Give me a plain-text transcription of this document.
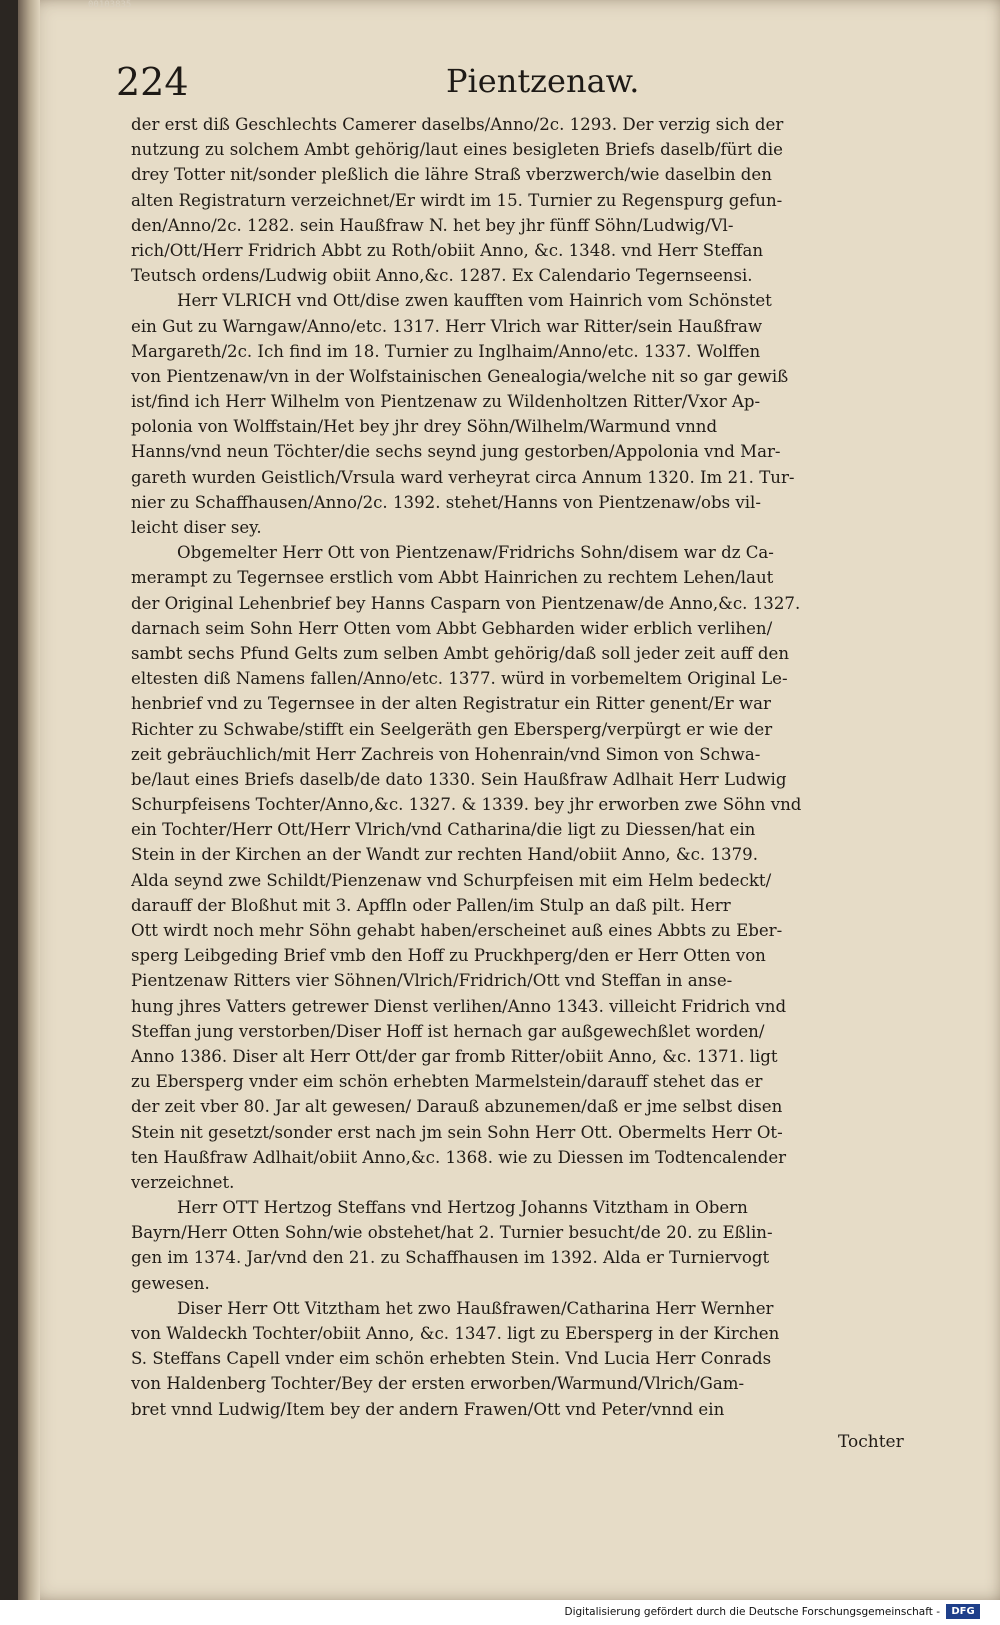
00103835
224	Pientzenaw.
der erst diß Geschlechts Camerer daselbs/Anno/2c. 1293. Der verzig sich der
nutzung zu solchem Ambt gehörig/laut eines besigleten Briefs daselb/fürt die
drey Totter nit/sonder pleßlich die lähre Straß vberzwerch/wie daselbin den
alten Registraturn verzeichnet/Er wirdt im 15. Turnier zu Regenspurg gefun-
den/Anno/2c. 1282. sein Haußfraw N. het bey jhr fünff Söhn/Ludwig/Vl-
rich/Ott/Herr Fridrich Abbt zu Roth/obiit Anno, &c. 1348. vnd Herr Steffan
Teutsch ordens/Ludwig obiit Anno,&c. 1287. Ex Calendario Tegernseensi.
Herr VLRICH vnd Ott/dise zwen kaufften vom Hainrich vom Schönstet
ein Gut zu Warngaw/Anno/etc. 1317. Herr Vlrich war Ritter/sein Haußfraw
Margareth/2c. Ich find im 18. Turnier zu Inglhaim/Anno/etc. 1337. Wolffen
von Pientzenaw/vn in der Wolfstainischen Genealogia/welche nit so gar gewiß
ist/find ich Herr Wilhelm von Pientzenaw zu Wildenholtzen Ritter/Vxor Ap-
polonia von Wolffstain/Het bey jhr drey Söhn/Wilhelm/Warmund vnnd
Hanns/vnd neun Töchter/die sechs seynd jung gestorben/Appolonia vnd Mar-
gareth wurden Geistlich/Vrsula ward verheyrat circa Annum 1320. Im 21. Tur-
nier zu Schaffhausen/Anno/2c. 1392. stehet/Hanns von Pientzenaw/obs vil-
leicht diser sey.
Obgemelter Herr Ott von Pientzenaw/Fridrichs Sohn/disem war dz Ca-
merampt zu Tegernsee erstlich vom Abbt Hainrichen zu rechtem Lehen/laut
der Original Lehenbrief bey Hanns Casparn von Pientzenaw/de Anno,&c. 1327.
darnach seim Sohn Herr Otten vom Abbt Gebharden wider erblich verlihen/
sambt sechs Pfund Gelts zum selben Ambt gehörig/daß soll jeder zeit auff den
eltesten diß Namens fallen/Anno/etc. 1377. würd in vorbemeltem Original Le-
henbrief vnd zu Tegernsee in der alten Registratur ein Ritter genent/Er war
Richter zu Schwabe/stifft ein Seelgeräth gen Ebersperg/verpürgt er wie der
zeit gebräuchlich/mit Herr Zachreis von Hohenrain/vnd Simon von Schwa-
be/laut eines Briefs daselb/de dato 1330. Sein Haußfraw Adlhait Herr Ludwig
Schurpfeisens Tochter/Anno,&c. 1327. & 1339. bey jhr erworben zwe Söhn vnd
ein Tochter/Herr Ott/Herr Vlrich/vnd Catharina/die ligt zu Diessen/hat ein
Stein in der Kirchen an der Wandt zur rechten Hand/obiit Anno, &c. 1379.
Alda seynd zwe Schildt/Pienzenaw vnd Schurpfeisen mit eim Helm bedeckt/
darauff der Bloßhut mit 3. Apffln oder Pallen/im Stulp an daß pilt. Herr
Ott wirdt noch mehr Söhn gehabt haben/erscheinet auß eines Abbts zu Eber-
sperg Leibgeding Brief vmb den Hoff zu Pruckhperg/den er Herr Otten von
Pientzenaw Ritters vier Söhnen/Vlrich/Fridrich/Ott vnd Steffan in anse-
hung jhres Vatters getrewer Dienst verlihen/Anno 1343. villeicht Fridrich vnd
Steffan jung verstorben/Diser Hoff ist hernach gar außgewechßlet worden/
Anno 1386. Diser alt Herr Ott/der gar fromb Ritter/obiit Anno, &c. 1371. ligt
zu Ebersperg vnder eim schön erhebten Marmelstein/darauff stehet das er
der zeit vber 80. Jar alt gewesen/ Darauß abzunemen/daß er jme selbst disen
Stein nit gesetzt/sonder erst nach jm sein Sohn Herr Ott. Obermelts Herr Ot-
ten Haußfraw Adlhait/obiit Anno,&c. 1368. wie zu Diessen im Todtencalender
verzeichnet.
Herr OTT Hertzog Steffans vnd Hertzog Johanns Vitztham in Obern
Bayrn/Herr Otten Sohn/wie obstehet/hat 2. Turnier besucht/de 20. zu Eßlin-
gen im 1374. Jar/vnd den 21. zu Schaffhausen im 1392. Alda er Turniervogt
gewesen.
Diser Herr Ott Vitztham het zwo Haußfrawen/Catharina Herr Wernher
von Waldeckh Tochter/obiit Anno, &c. 1347. ligt zu Ebersperg in der Kirchen
S. Steffans Capell vnder eim schön erhebten Stein. Vnd Lucia Herr Conrads
von Haldenberg Tochter/Bey der ersten erworben/Warmund/Vlrich/Gam-
bret vnnd Ludwig/Item bey der andern Frawen/Ott vnd Peter/vnnd ein
Tochter
Digitalisierung gefördert durch die Deutsche Forschungsgemeinschaft -	DFG
